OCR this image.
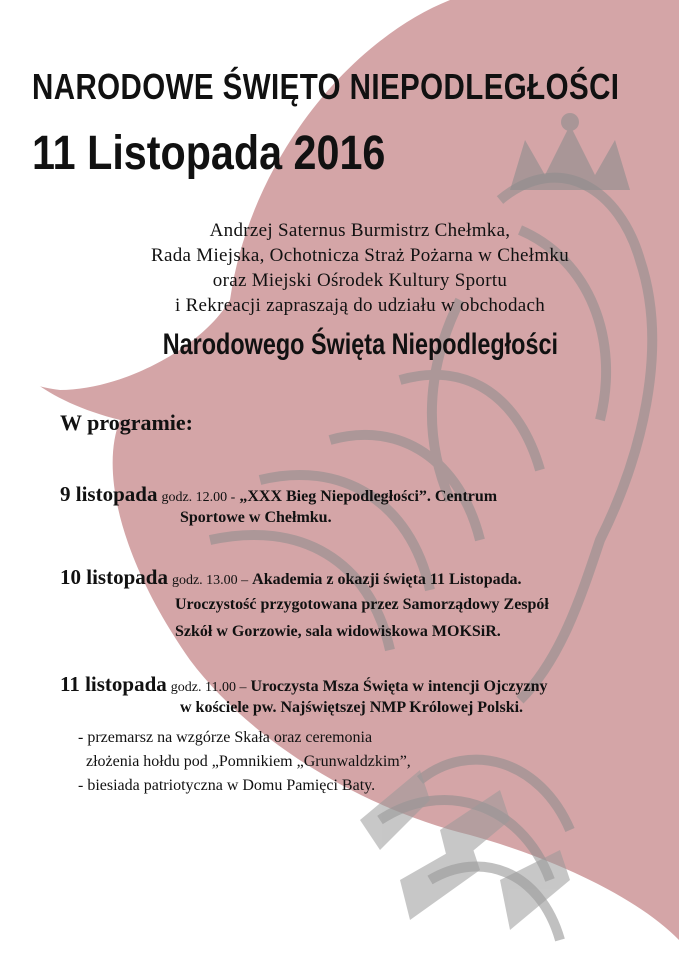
NARODOWE ŚWIĘTO NIEPODLEGŁOŚCI
11 Listopada 2016
Andrzej Saternus Burmistrz Chełmka,
Rada Miejska, Ochotnicza Straż Pożarna w Chełmku
oraz Miejski Ośrodek Kultury Sportu
i Rekreacji zapraszają do udziału w obchodach
Narodowego Święta Niepodległości
W programie:
9 listopada godz. 12.00 - „XXX Bieg Niepodległości”. Centrum
Sportowe w Chełmku.
10 listopada godz. 13.00 – Akademia z okazji święta 11 Listopada.
Uroczystość przygotowana przez Samorządowy Zespół
Szkół w Gorzowie, sala widowiskowa MOKSiR.
11 listopada godz. 11.00 – Uroczysta Msza Święta w intencji Ojczyzny
w kościele pw. Najświętszej NMP Królowej Polski.
- przemarsz na wzgórze Skała oraz ceremonia
złożenia hołdu pod „Pomnikiem „Grunwaldzkim”,
- biesiada patriotyczna w Domu Pamięci Baty.
